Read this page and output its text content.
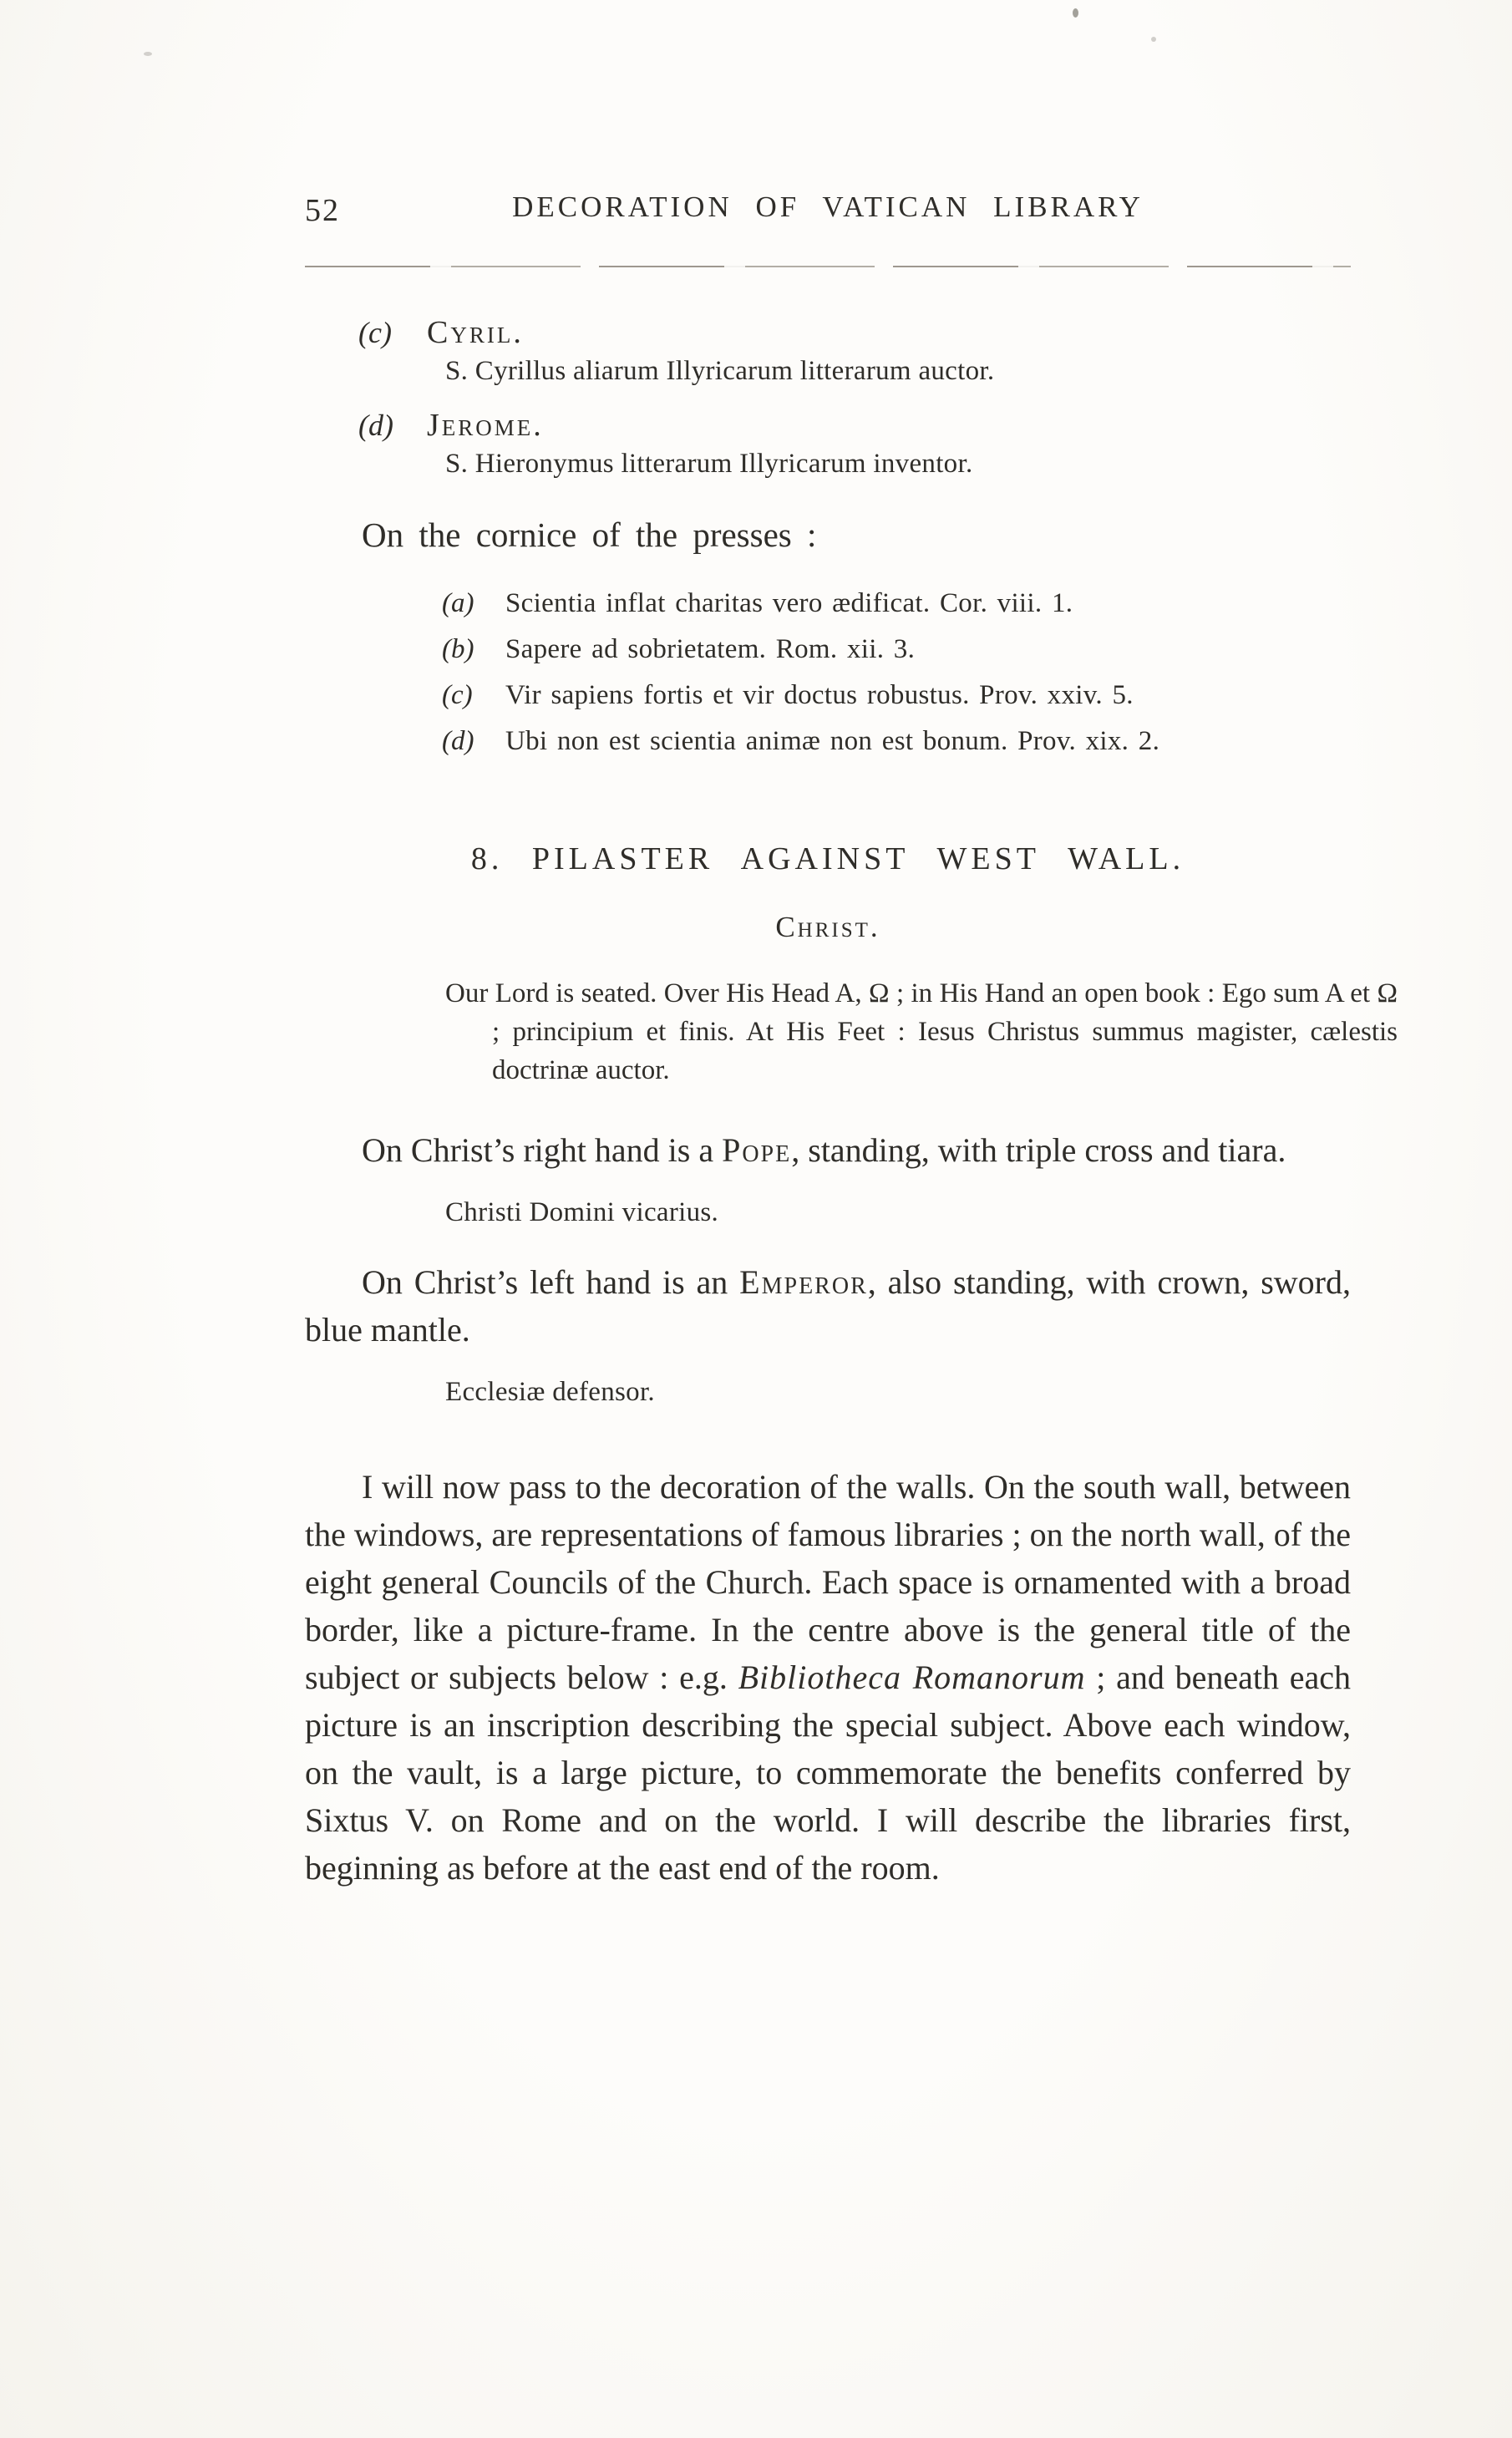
52	DECORATION OF VATICAN LIBRARY
(c) Cyril.
S. Cyrillus aliarum Illyricarum litterarum auctor.
(d) Jerome.
S. Hieronymus litterarum Illyricarum inventor.

On the cornice of the presses :

(a) Scientia inflat charitas vero ædificat. Cor. viii. 1.
(b) Sapere ad sobrietatem. Rom. xii. 3.
(c) Vir sapiens fortis et vir doctus robustus. Prov. xxiv. 5.
(d) Ubi non est scientia animæ non est bonum. Prov. xix. 2.
8. PILASTER AGAINST WEST WALL.
Christ.

Our Lord is seated. Over His Head A, Ω ; in His Hand an open book : Ego sum A et Ω ; principium et finis. At His Feet : Iesus Christus summus magister, cælestis doctrinæ auctor.

On Christ’s right hand is a Pope, standing, with triple cross and tiara.

Christi Domini vicarius.

On Christ’s left hand is an Emperor, also standing, with crown, sword, blue mantle.

Ecclesiæ defensor.

I will now pass to the decoration of the walls. On the south wall, between the windows, are representations of famous libraries ; on the north wall, of the eight general Councils of the Church. Each space is ornamented with a broad border, like a picture-frame. In the centre above is the general title of the subject or subjects below : e.g. Bibliotheca Romanorum ; and beneath each picture is an inscription describing the special subject. Above each window, on the vault, is a large picture, to commemorate the benefits conferred by Sixtus V. on Rome and on the world. I will describe the libraries first, beginning as before at the east end of the room.
